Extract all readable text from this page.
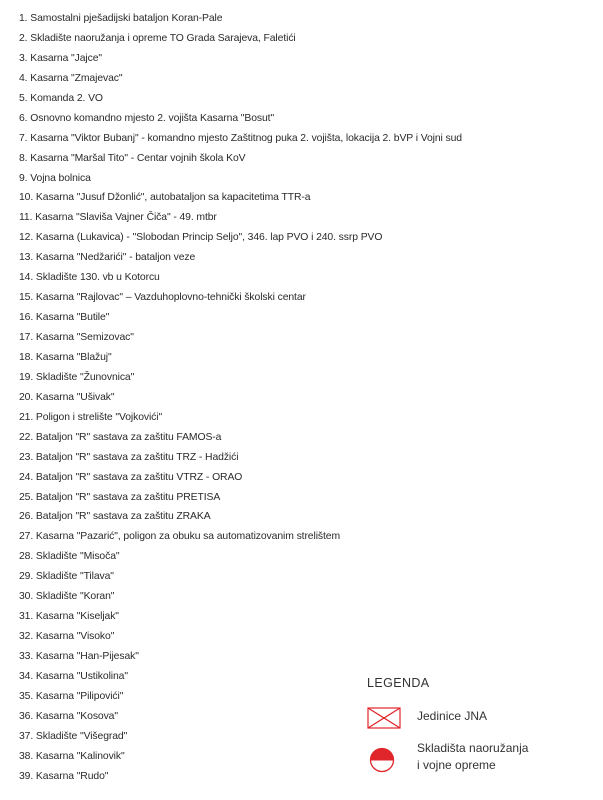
1. Samostalni pješadijski bataljon Koran-Pale
2. Skladište naoružanja i opreme TO Grada Sarajeva, Faletići
3. Kasarna "Jajce"
4. Kasarna "Zmajevac"
5. Komanda 2. VO
6. Osnovno komandno mjesto 2. vojišta Kasarna "Bosut"
7. Kasarna "Viktor Bubanj" - komandno mjesto Zaštitnog puka 2. vojišta, lokacija 2. bVP i Vojni sud
8. Kasarna "Maršal Tito" - Centar vojnih škola KoV
9. Vojna bolnica
10. Kasarna "Jusuf Džonlić", autobataljon sa kapacitetima TTR-a
11. Kasarna "Slaviša Vajner Čiča" - 49. mtbr
12. Kasarna (Lukavica) - "Slobodan Princip Seljo", 346. lap PVO i 240. ssrp PVO
13. Kasarna "Nedžarići" - bataljon veze
14. Skladište 130. vb u Kotorcu
15. Kasarna "Rajlovac" – Vazduhoplovno-tehnički školski centar
16. Kasarna "Butile"
17. Kasarna "Semizovac"
18. Kasarna "Blažuj"
19. Skladište "Žunovnica"
20. Kasarna "Ušivak"
21. Poligon i strelište "Vojkovići"
22. Bataljon "R" sastava za zaštitu FAMOS-a
23. Bataljon "R" sastava za zaštitu TRZ - Hadžići
24. Bataljon "R" sastava za zaštitu VTRZ - ORAO
25. Bataljon "R" sastava za zaštitu PRETISA
26. Bataljon "R" sastava za zaštitu ZRAKA
27. Kasarna "Pazarić", poligon za obuku sa automatizovanim strelištem
28. Skladište "Misoča"
29. Skladište "Tilava"
30. Skladište "Koran"
31. Kasarna "Kiseljak"
32. Kasarna "Visoko"
33. Kasarna "Han-Pijesak"
34. Kasarna "Ustikolina"
35. Kasarna "Pilipovići"
36. Kasarna "Kosova"
37. Skladište "Višegrad"
38. Kasarna "Kalinovik"
39. Kasarna "Rudo"
LEGENDA
Jedinice JNA
Skladišta naoružanja
i vojne opreme
